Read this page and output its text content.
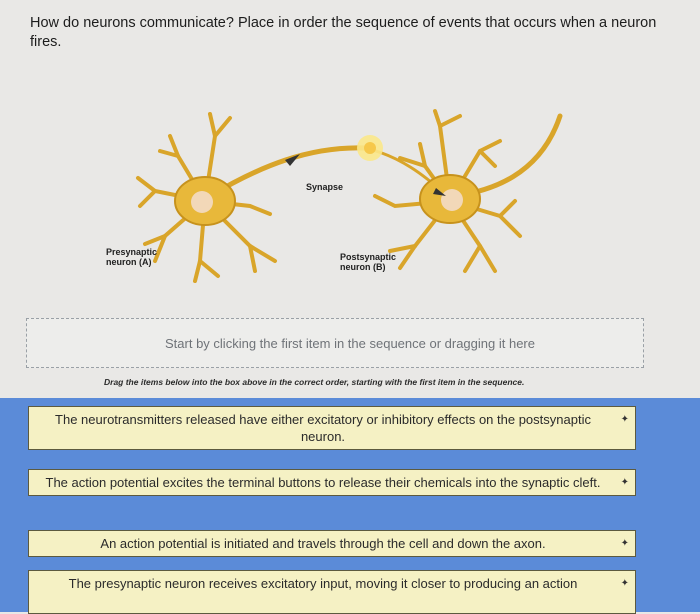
How do neurons communicate? Place in order the sequence of events that occurs when a neuron fires.
Synapse
Presynaptic
neuron (A)	Postsynaptic
neuron (B)
Start by clicking the first item in the sequence or dragging it here
Drag the items below into the box above in the correct order, starting with the first item in the sequence.
The neurotransmitters released have either excitatory or inhibitory effects on the postsynaptic neuron.
✦
The action potential excites the terminal buttons to release their chemicals into the synaptic cleft. ✦
An action potential is initiated and travels through the cell and down the axon.	✦
The presynaptic neuron receives excitatory input, moving it closer to producing an action	✦
